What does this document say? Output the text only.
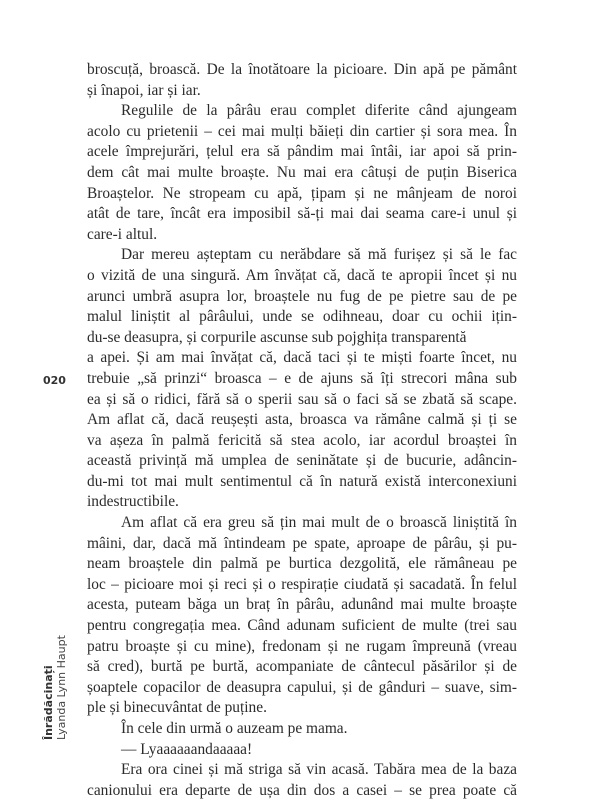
broscuță, broască. De la înotătoare la picioare. Din apă pe pământ
și înapoi, iar și iar.
Regulile de la pârâu erau complet diferite când ajungeam
acolo cu prietenii – cei mai mulți băieți din cartier și sora mea. În
acele împrejurări, țelul era să pândim mai întâi, iar apoi să prin-
dem cât mai multe broaște. Nu mai era câtuși de puțin Biserica
Broaștelor. Ne stropeam cu apă, țipam și ne mânjeam de noroi
atât de tare, încât era imposibil să-ți mai dai seama care-i unul și
care-i altul.
Dar mereu așteptam cu nerăbdare să mă furișez și să le fac
o vizită de una singură. Am învățat că, dacă te apropii încet și nu
arunci umbră asupra lor, broaștele nu fug de pe pietre sau de pe
malul liniștit al pârâului, unde se odihneau, doar cu ochii ițin-
du-se deasupra, și corpurile ascunse sub pojghița transparentă
a apei. Și am mai învățat că, dacă taci și te miști foarte încet, nu
trebuie „să prinzi“ broasca – e de ajuns să îți strecori mâna sub
ea și să o ridici, fără să o sperii sau să o faci să se zbată să scape.
Am aflat că, dacă reușești asta, broasca va rămâne calmă și ți se
va așeza în palmă fericită să stea acolo, iar acordul broaștei în
această privință mă umplea de seninătate și de bucurie, adâncin-
du-mi tot mai mult sentimentul că în natură există interconexiuni
indestructibile.
Am aflat că era greu să țin mai mult de o broască liniștită în
mâini, dar, dacă mă întindeam pe spate, aproape de pârâu, și pu-
neam broaștele din palmă pe burtica dezgolită, ele rămâneau pe
loc – picioare moi și reci și o respirație ciudată și sacadată. În felul
acesta, puteam băga un braț în pârâu, adunând mai multe broaște
pentru congregația mea. Când adunam suficient de multe (trei sau
patru broaște și cu mine), fredonam și ne rugam împreună (vreau
să cred), burtă pe burtă, acompaniate de cântecul păsărilor și de
șoaptele copacilor de deasupra capului, și de gânduri – suave, sim-
ple și binecuvântat de puține.
În cele din urmă o auzeam pe mama.
— Lyaaaaaandaaaaa!
Era ora cinei și mă striga să vin acasă. Tabăra mea de la baza
canionului era departe de ușa din dos a casei – se prea poate că
020
Înrădăcinați Lyanda Lynn Haupt
